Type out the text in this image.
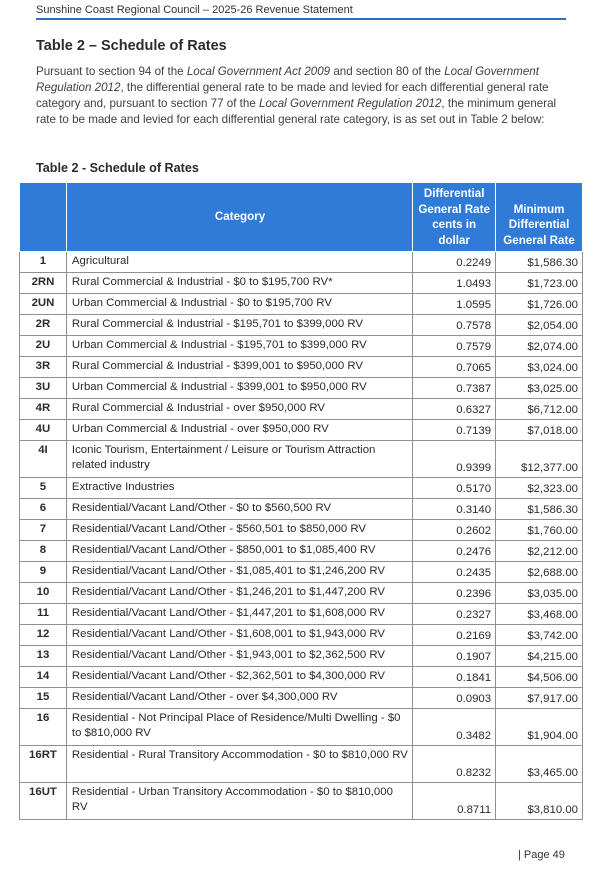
Sunshine Coast Regional Council – 2025-26 Revenue Statement
Table 2 – Schedule of Rates
Pursuant to section 94 of the Local Government Act 2009 and section 80 of the Local Government Regulation 2012, the differential general rate to be made and levied for each differential general rate category and, pursuant to section 77 of the Local Government Regulation 2012, the minimum general rate to be made and levied for each differential general rate category, is as set out in Table 2 below:
Table 2 - Schedule of Rates
	Category	Differential General Rate cents in dollar	Minimum Differential General Rate
1	Agricultural	0.2249	$1,586.30
2RN	Rural Commercial & Industrial - $0 to $195,700 RV*	1.0493	$1,723.00
2UN	Urban Commercial & Industrial - $0 to $195,700 RV	1.0595	$1,726.00
2R	Rural Commercial & Industrial - $195,701 to $399,000 RV	0.7578	$2,054.00
2U	Urban Commercial & Industrial - $195,701 to $399,000 RV	0.7579	$2,074.00
3R	Rural Commercial & Industrial - $399,001 to $950,000 RV	0.7065	$3,024.00
3U	Urban Commercial & Industrial - $399,001 to $950,000 RV	0.7387	$3,025.00
4R	Rural Commercial & Industrial - over $950,000 RV	0.6327	$6,712.00
4U	Urban Commercial & Industrial - over $950,000 RV	0.7139	$7,018.00
4I	Iconic Tourism, Entertainment / Leisure or Tourism Attraction related industry	0.9399	$12,377.00
5	Extractive Industries	0.5170	$2,323.00
6	Residential/Vacant Land/Other - $0 to $560,500 RV	0.3140	$1,586.30
7	Residential/Vacant Land/Other - $560,501 to $850,000 RV	0.2602	$1,760.00
8	Residential/Vacant Land/Other - $850,001 to $1,085,400 RV	0.2476	$2,212.00
9	Residential/Vacant Land/Other - $1,085,401 to $1,246,200 RV	0.2435	$2,688.00
10	Residential/Vacant Land/Other - $1,246,201 to $1,447,200 RV	0.2396	$3,035.00
11	Residential/Vacant Land/Other - $1,447,201 to $1,608,000 RV	0.2327	$3,468.00
12	Residential/Vacant Land/Other - $1,608,001 to $1,943,000 RV	0.2169	$3,742.00
13	Residential/Vacant Land/Other - $1,943,001 to $2,362,500 RV	0.1907	$4,215.00
14	Residential/Vacant Land/Other - $2,362,501 to $4,300,000 RV	0.1841	$4,506.00
15	Residential/Vacant Land/Other - over $4,300,000 RV	0.0903	$7,917.00
16	Residential - Not Principal Place of Residence/Multi Dwelling - $0 to $810,000 RV	0.3482	$1,904.00
16RT	Residential - Rural Transitory Accommodation - $0 to $810,000 RV	0.8232	$3,465.00
16UT	Residential - Urban Transitory Accommodation - $0 to $810,000 RV	0.8711	$3,810.00
| Page 49
